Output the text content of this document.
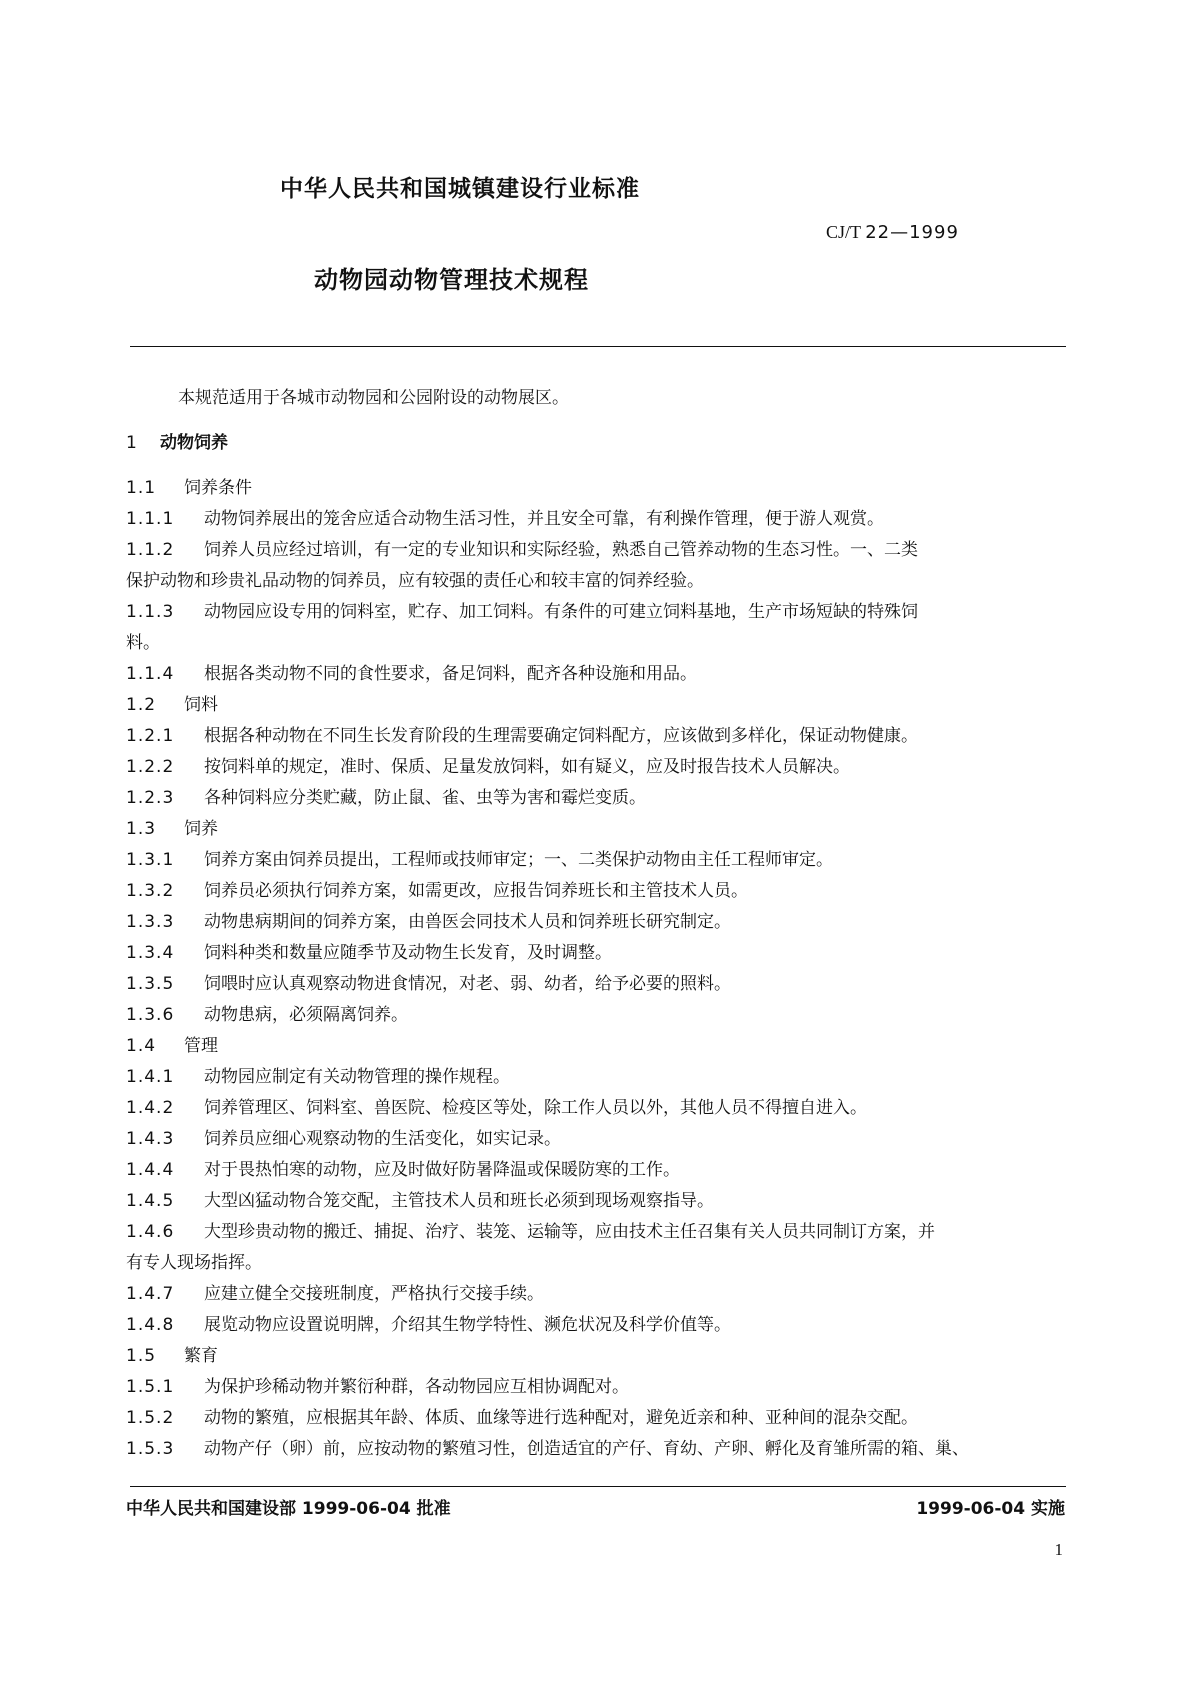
中华人民共和国城镇建设行业标准
CJ/T 22—1999
动物园动物管理技术规程
本规范适用于各城市动物园和公园附设的动物展区。
1 动物饲养
1.1 饲养条件
1.1.1 动物饲养展出的笼舍应适合动物生活习性，并且安全可靠，有利操作管理，便于游人观赏。
1.1.2 饲养人员应经过培训，有一定的专业知识和实际经验，熟悉自己管养动物的生态习性。一、二类
保护动物和珍贵礼品动物的饲养员，应有较强的责任心和较丰富的饲养经验。
1.1.3 动物园应设专用的饲料室，贮存、加工饲料。有条件的可建立饲料基地，生产市场短缺的特殊饲
料。
1.1.4 根据各类动物不同的食性要求，备足饲料，配齐各种设施和用品。
1.2 饲料
1.2.1 根据各种动物在不同生长发育阶段的生理需要确定饲料配方，应该做到多样化，保证动物健康。
1.2.2 按饲料单的规定，准时、保质、足量发放饲料，如有疑义，应及时报告技术人员解决。
1.2.3 各种饲料应分类贮藏，防止鼠、雀、虫等为害和霉烂变质。
1.3 饲养
1.3.1 饲养方案由饲养员提出，工程师或技师审定；一、二类保护动物由主任工程师审定。
1.3.2 饲养员必须执行饲养方案，如需更改，应报告饲养班长和主管技术人员。
1.3.3 动物患病期间的饲养方案，由兽医会同技术人员和饲养班长研究制定。
1.3.4 饲料种类和数量应随季节及动物生长发育，及时调整。
1.3.5 饲喂时应认真观察动物进食情况，对老、弱、幼者，给予必要的照料。
1.3.6 动物患病，必须隔离饲养。
1.4 管理
1.4.1 动物园应制定有关动物管理的操作规程。
1.4.2 饲养管理区、饲料室、兽医院、检疫区等处，除工作人员以外，其他人员不得擅自进入。
1.4.3 饲养员应细心观察动物的生活变化，如实记录。
1.4.4 对于畏热怕寒的动物，应及时做好防暑降温或保暖防寒的工作。
1.4.5 大型凶猛动物合笼交配，主管技术人员和班长必须到现场观察指导。
1.4.6 大型珍贵动物的搬迁、捕捉、治疗、装笼、运输等，应由技术主任召集有关人员共同制订方案，并
有专人现场指挥。
1.4.7 应建立健全交接班制度，严格执行交接手续。
1.4.8 展览动物应设置说明牌，介绍其生物学特性、濒危状况及科学价值等。
1.5 繁育
1.5.1 为保护珍稀动物并繁衍种群，各动物园应互相协调配对。
1.5.2 动物的繁殖，应根据其年龄、体质、血缘等进行选种配对，避免近亲和种、亚种间的混杂交配。
1.5.3 动物产仔（卵）前，应按动物的繁殖习性，创造适宜的产仔、育幼、产卵、孵化及育雏所需的箱、巢、
中华人民共和国建设部 1999-06-04 批准	1999-06-04 实施
1
